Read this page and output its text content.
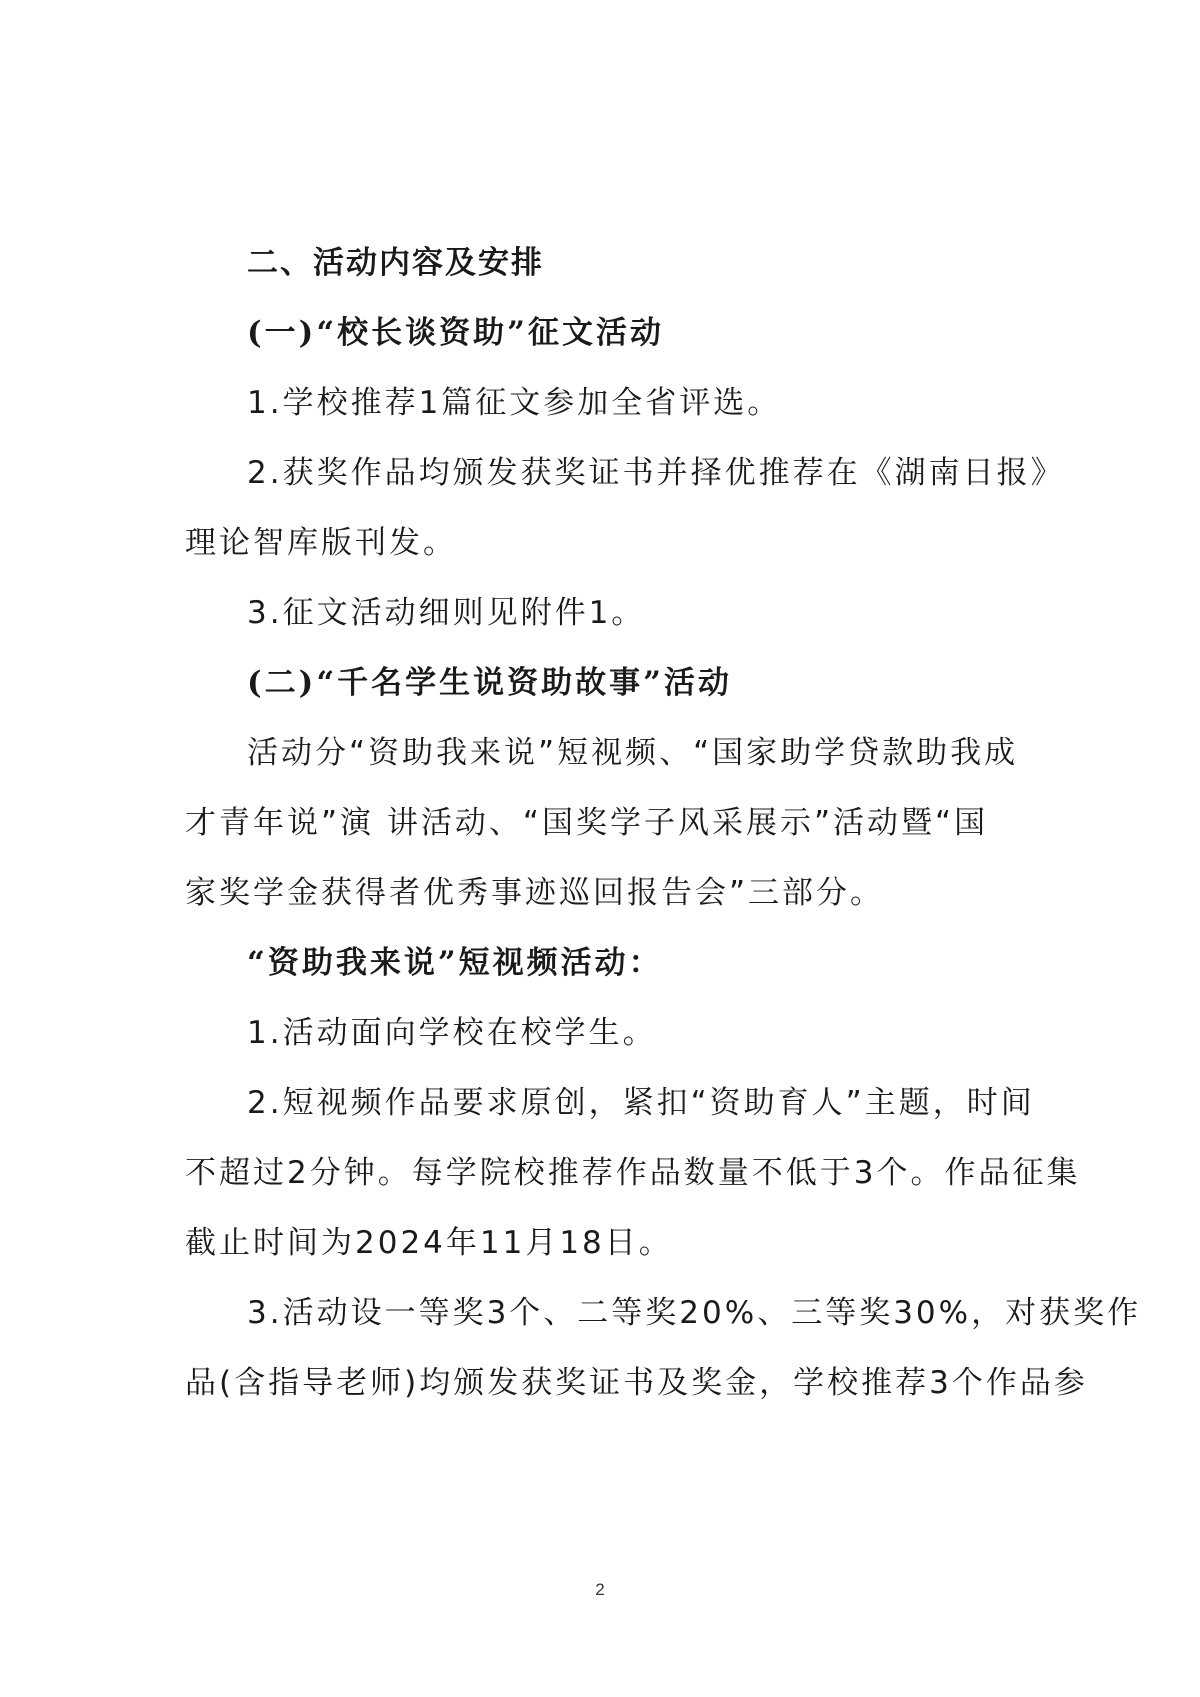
二、活动内容及安排
(一)“校长谈资助”征文活动
1.学校推荐1篇征文参加全省评选。
2.获奖作品均颁发获奖证书并择优推荐在《湖南日报》
理论智库版刊发。
3.征文活动细则见附件1。
(二)“千名学生说资助故事”活动
活动分“资助我来说”短视频、“国家助学贷款助我成
才青年说”演 讲活动、“国奖学子风采展示”活动暨“国
家奖学金获得者优秀事迹巡回报告会”三部分。
“资助我来说”短视频活动：
1.活动面向学校在校学生。
2.短视频作品要求原创，紧扣“资助育人”主题，时间
不超过2分钟。每学院校推荐作品数量不低于3个。作品征集
截止时间为2024年11月18日。
3.活动设一等奖3个、二等奖20%、三等奖30%，对获奖作
品(含指导老师)均颁发获奖证书及奖金，学校推荐3个作品参
2
